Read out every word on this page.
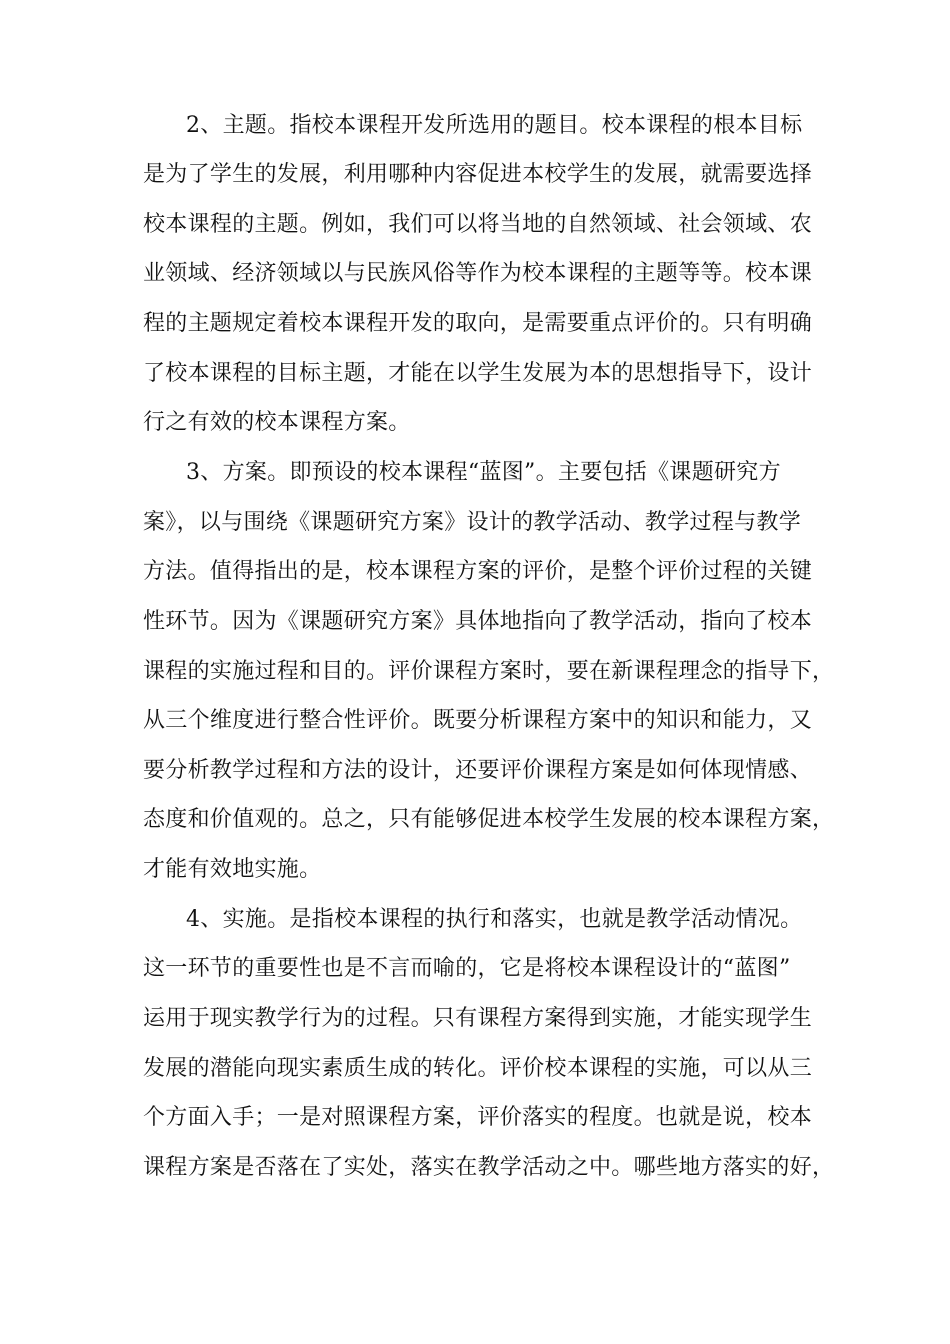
2、主题。指校本课程开发所选用的题目。校本课程的根本目标
是为了学生的发展，利用哪种内容促进本校学生的发展，就需要选择
校本课程的主题。例如，我们可以将当地的自然领域、社会领域、农
业领域、经济领域以与民族风俗等作为校本课程的主题等等。校本课
程的主题规定着校本课程开发的取向，是需要重点评价的。只有明确
了校本课程的目标主题，才能在以学生发展为本的思想指导下，设计
行之有效的校本课程方案。
3、方案。即预设的校本课程“蓝图”。主要包括《课题研究方
案》，以与围绕《课题研究方案》设计的教学活动、教学过程与教学
方法。值得指出的是，校本课程方案的评价，是整个评价过程的关键
性环节。因为《课题研究方案》具体地指向了教学活动，指向了校本
课程的实施过程和目的。评价课程方案时，要在新课程理念的指导下，
从三个维度进行整合性评价。既要分析课程方案中的知识和能力，又
要分析教学过程和方法的设计，还要评价课程方案是如何体现情感、
态度和价值观的。总之，只有能够促进本校学生发展的校本课程方案，
才能有效地实施。
4、实施。是指校本课程的执行和落实，也就是教学活动情况。
这一环节的重要性也是不言而喻的，它是将校本课程设计的“蓝图”
运用于现实教学行为的过程。只有课程方案得到实施，才能实现学生
发展的潜能向现实素质生成的转化。评价校本课程的实施，可以从三
个方面入手；一是对照课程方案，评价落实的程度。也就是说，校本
课程方案是否落在了实处，落实在教学活动之中。哪些地方落实的好，
